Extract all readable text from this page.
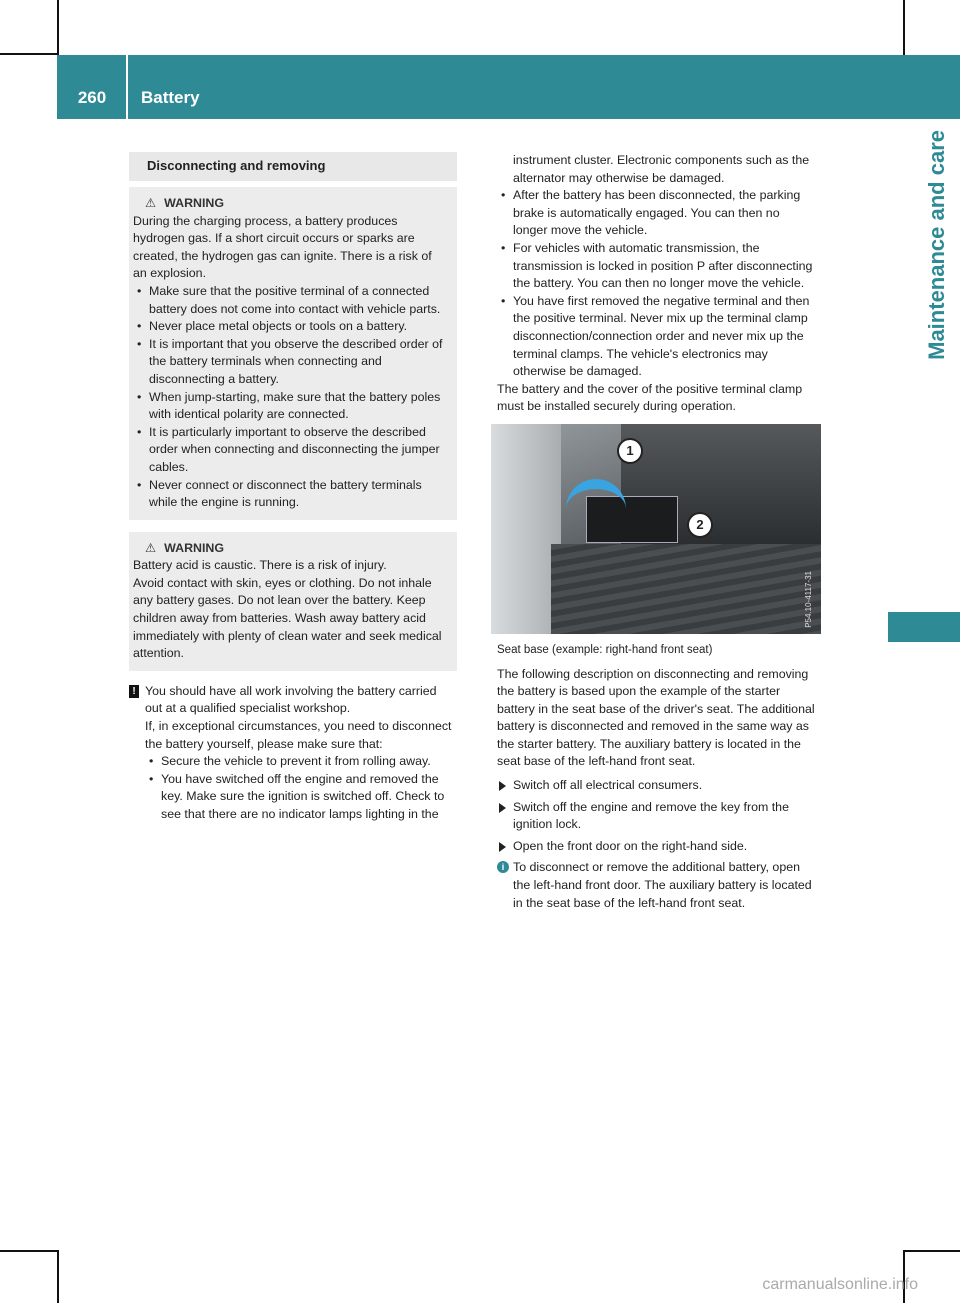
260	Battery
Maintenance and care
Disconnecting and removing
⚠ WARNING

During the charging process, a battery produces hydrogen gas. If a short circuit occurs or sparks are created, the hydrogen gas can ignite. There is a risk of an explosion.

• Make sure that the positive terminal of a connected battery does not come into contact with vehicle parts.
• Never place metal objects or tools on a battery.
• It is important that you observe the described order of the battery terminals when connecting and disconnecting a battery.
• When jump-starting, make sure that the battery poles with identical polarity are connected.
• It is particularly important to observe the described order when connecting and disconnecting the jumper cables.
• Never connect or disconnect the battery terminals while the engine is running.
⚠ WARNING

Battery acid is caustic. There is a risk of injury.

Avoid contact with skin, eyes or clothing. Do not inhale any battery gases. Do not lean over the battery. Keep children away from batteries. Wash away battery acid immediately with plenty of clean water and seek medical attention.

! You should have all work involving the battery carried out at a qualified specialist workshop.

If, in exceptional circumstances, you need to disconnect the battery yourself, please make sure that:

• Secure the vehicle to prevent it from rolling away.
• You have switched off the engine and removed the key. Make sure the ignition is switched off. Check to see that there are no indicator lamps lighting in the

instrument cluster. Electronic components such as the alternator may otherwise be damaged.

• After the battery has been disconnected, the parking brake is automatically engaged. You can then no longer move the vehicle.
• For vehicles with automatic transmission, the transmission is locked in position P after disconnecting the battery. You can then no longer move the vehicle.
• You have first removed the negative terminal and then the positive terminal. Never mix up the terminal clamp disconnection/connection order and never mix up the terminal clamps. The vehicle's electronics may otherwise be damaged.

The battery and the cover of the positive terminal clamp must be installed securely during operation.

1
2
P54.10-4117-31

Seat base (example: right-hand front seat)

The following description on disconnecting and removing the battery is based upon the example of the starter battery in the seat base of the driver's seat. The additional battery is disconnected and removed in the same way as the starter battery. The auxiliary battery is located in the seat base of the left-hand front seat.

Switch off all electrical consumers.
Switch off the engine and remove the key from the ignition lock.
Open the front door on the right-hand side.
i To disconnect or remove the additional battery, open the left-hand front door. The auxiliary battery is located in the seat base of the left-hand front seat.
carmanualsonline.info
